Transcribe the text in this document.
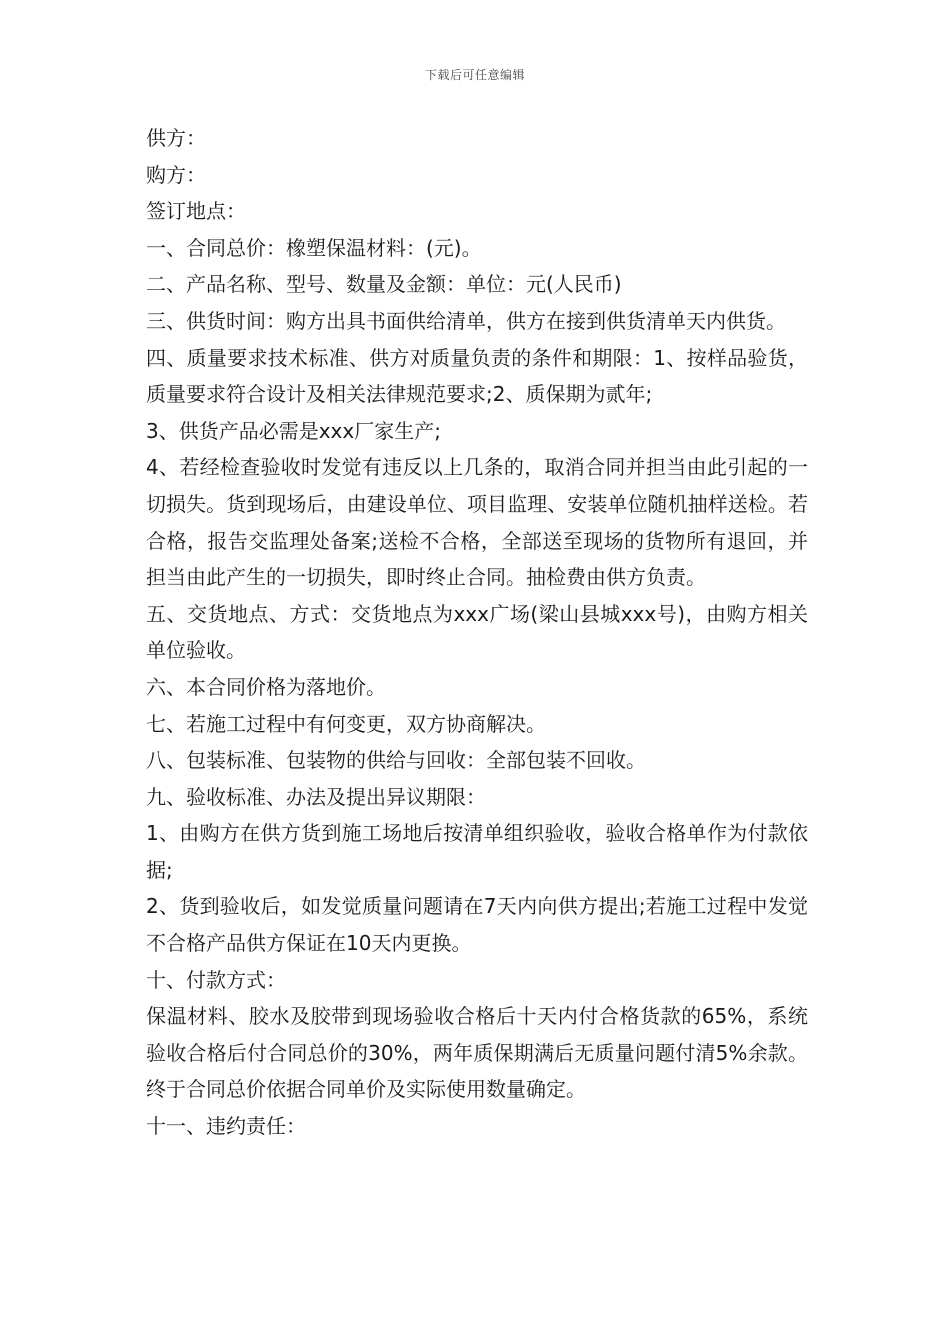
下载后可任意编辑

供方：

购方：

签订地点：

一、合同总价：橡塑保温材料：(元)。

二、产品名称、型号、数量及金额：单位：元(人民币)

三、供货时间：购方出具书面供给清单，供方在接到供货清单天内供货。

四、质量要求技术标准、供方对质量负责的条件和期限：1、按样品验货，质量要求符合设计及相关法律规范要求;2、质保期为贰年;

3、供货产品必需是xxx厂家生产;

4、若经检查验收时发觉有违反以上几条的，取消合同并担当由此引起的一切损失。货到现场后，由建设单位、项目监理、安装单位随机抽样送检。若合格，报告交监理处备案;送检不合格，全部送至现场的货物所有退回，并担当由此产生的一切损失，即时终止合同。抽检费由供方负责。

五、交货地点、方式：交货地点为xxx广场(梁山县城xxx号)，由购方相关单位验收。

六、本合同价格为落地价。

七、若施工过程中有何变更，双方协商解决。

八、包装标准、包装物的供给与回收：全部包装不回收。

九、验收标准、办法及提出异议期限：

1、由购方在供方货到施工场地后按清单组织验收，验收合格单作为付款依据;

2、货到验收后，如发觉质量问题请在7天内向供方提出;若施工过程中发觉不合格产品供方保证在10天内更换。

十、付款方式：

保温材料、胶水及胶带到现场验收合格后十天内付合格货款的65%，系统验收合格后付合同总价的30%，两年质保期满后无质量问题付清5%余款。终于合同总价依据合同单价及实际使用数量确定。

十一、违约责任：
